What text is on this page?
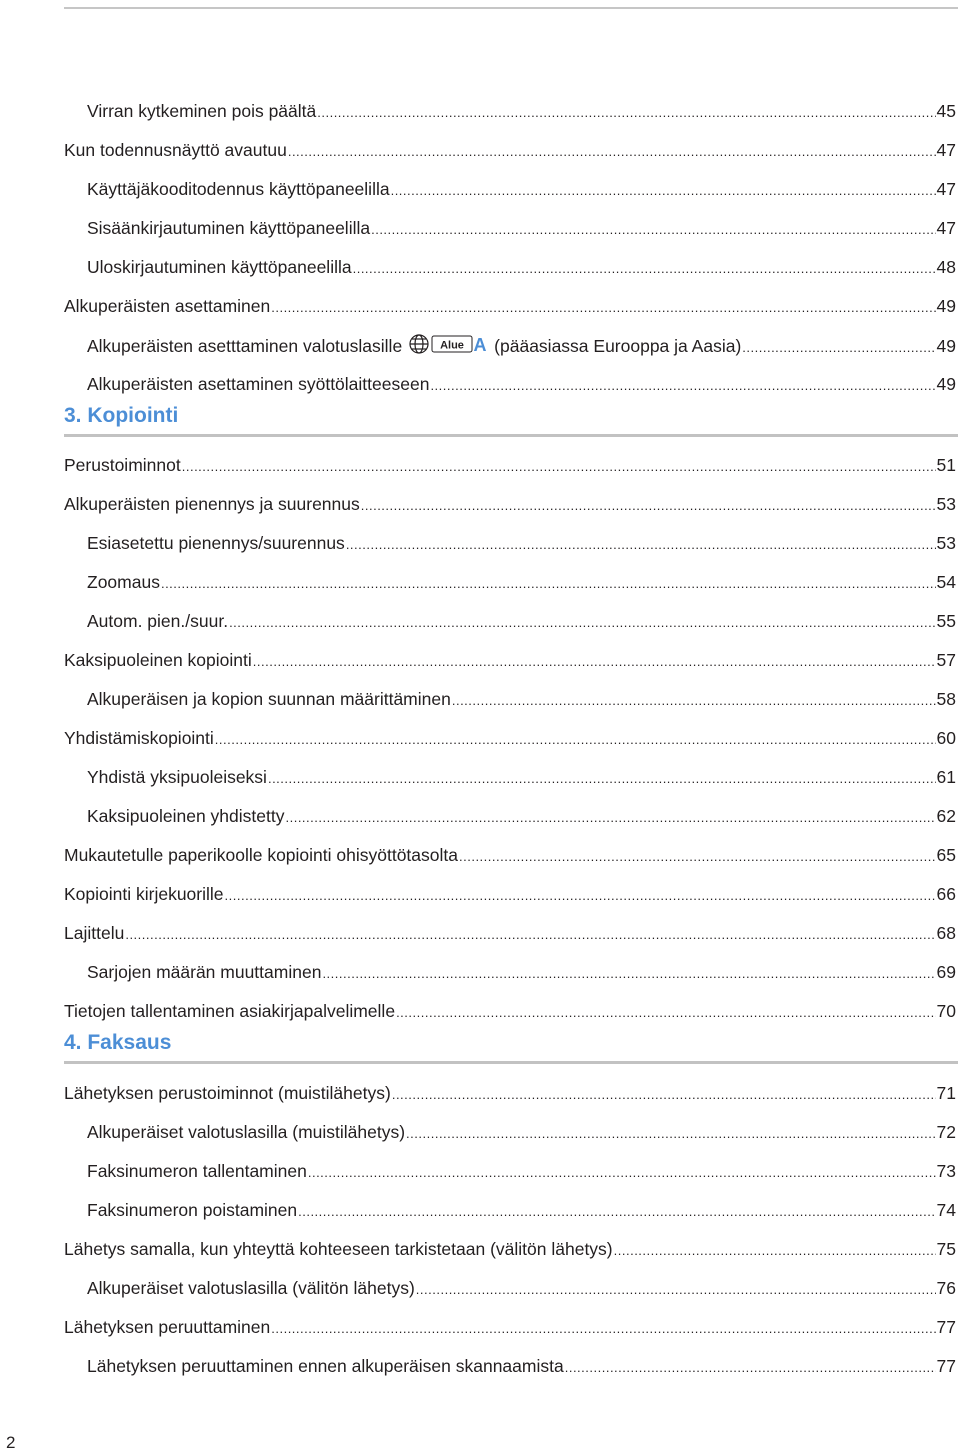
Virran kytkeminen pois päältä .....	45
Kun todennusnäyttö avautuu .....	47
Käyttäjäkooditodennus käyttöpaneelilla .....	47
Sisäänkirjautuminen käyttöpaneelilla .....	47
Uloskirjautuminen käyttöpaneelilla .....	48
Alkuperäisten asettaminen .....	49
Alkuperäisten asetttaminen valotuslasille	Alue A (pääasiassa Eurooppa ja Aasia) .....	49
Alkuperäisten asettaminen syöttölaitteeseen .....	49
3. Kopiointi
Perustoiminnot .....	51
Alkuperäisten pienennys ja suurennus .....	53
Esiasetettu pienennys/suurennus .....	53
Zoomaus .....	54
Autom. pien./suur. .....	55
Kaksipuoleinen kopiointi .....	57
Alkuperäisen ja kopion suunnan määrittäminen .....	58
Yhdistämiskopiointi .....	60
Yhdistä yksipuoleiseksi .....	61
Kaksipuoleinen yhdistetty .....	62
Mukautetulle paperikoolle kopiointi ohisyöttötasolta .....	65
Kopiointi kirjekuorille .....	66
Lajittelu .....	68
Sarjojen määrän muuttaminen .....	69
Tietojen tallentaminen asiakirjapalvelimelle .....	70
4. Faksaus
Lähetyksen perustoiminnot (muistilähetys) .....	71
Alkuperäiset valotuslasilla (muistilähetys) .....	72
Faksinumeron tallentaminen .....	73
Faksinumeron poistaminen .....	74
Lähetys samalla, kun yhteyttä kohteeseen tarkistetaan (välitön lähetys) .....	75
Alkuperäiset valotuslasilla (välitön lähetys) .....	76
Lähetyksen peruuttaminen .....	77
Lähetyksen peruuttaminen ennen alkuperäisen skannaamista .....	77
2
